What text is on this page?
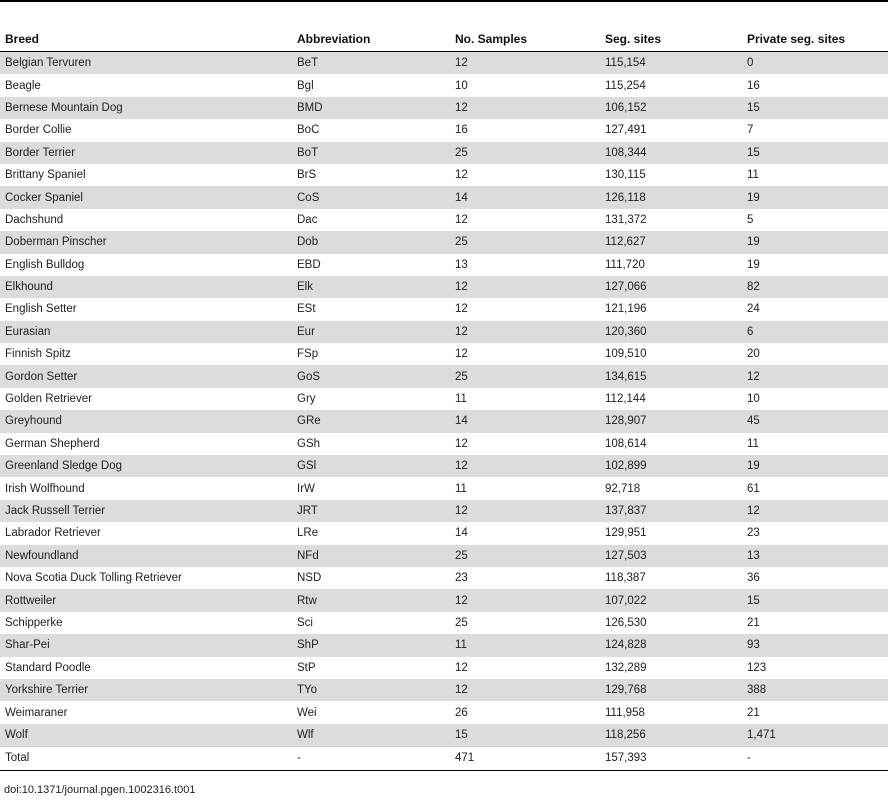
Breed	Abbreviation	No. Samples	Seg. sites	Private seg. sites
Belgian Tervuren	BeT	12	115,154	0
Beagle	Bgl	10	115,254	16
Bernese Mountain Dog	BMD	12	106,152	15
Border Collie	BoC	16	127,491	7
Border Terrier	BoT	25	108,344	15
Brittany Spaniel	BrS	12	130,115	11
Cocker Spaniel	CoS	14	126,118	19
Dachshund	Dac	12	131,372	5
Doberman Pinscher	Dob	25	112,627	19
English Bulldog	EBD	13	111,720	19
Elkhound	Elk	12	127,066	82
English Setter	ESt	12	121,196	24
Eurasian	Eur	12	120,360	6
Finnish Spitz	FSp	12	109,510	20
Gordon Setter	GoS	25	134,615	12
Golden Retriever	Gry	11	112,144	10
Greyhound	GRe	14	128,907	45
German Shepherd	GSh	12	108,614	11
Greenland Sledge Dog	GSl	12	102,899	19
Irish Wolfhound	IrW	11	92,718	61
Jack Russell Terrier	JRT	12	137,837	12
Labrador Retriever	LRe	14	129,951	23
Newfoundland	NFd	25	127,503	13
Nova Scotia Duck Tolling Retriever	NSD	23	118,387	36
Rottweiler	Rtw	12	107,022	15
Schipperke	Sci	25	126,530	21
Shar-Pei	ShP	11	124,828	93
Standard Poodle	StP	12	132,289	123
Yorkshire Terrier	TYo	12	129,768	388
Weimaraner	Wei	26	111,958	21
Wolf	Wlf	15	118,256	1,471
Total	-	471	157,393	-
doi:10.1371/journal.pgen.1002316.t001
